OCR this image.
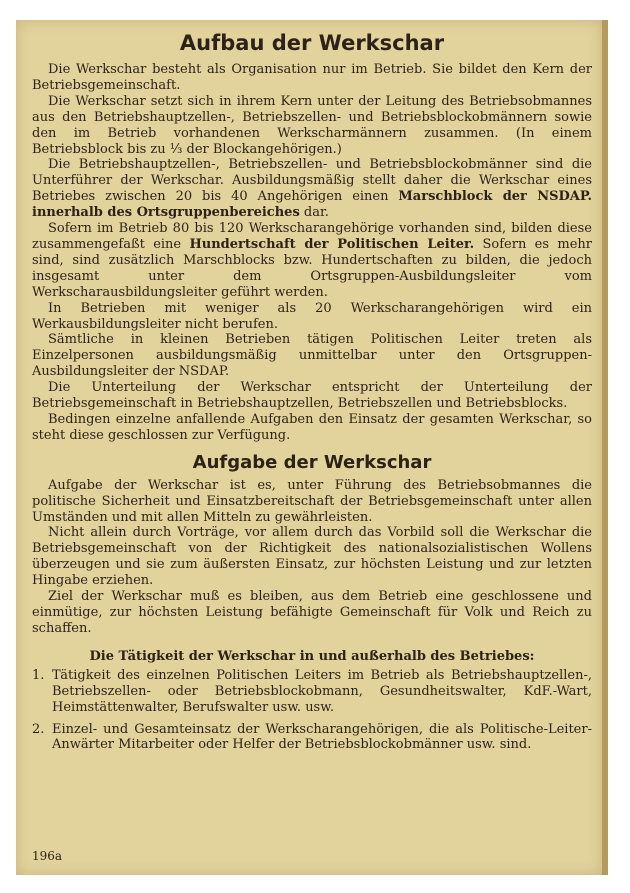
Aufbau der Werkschar

Die Werkschar besteht als Organisation nur im Betrieb. Sie bildet den Kern der Betriebsgemeinschaft.

Die Werkschar setzt sich in ihrem Kern unter der Leitung des Betriebsobmannes aus den Betriebshauptzellen-, Betriebszellen- und Betriebsblockobmännern sowie den im Betrieb vorhandenen Werkscharmännern zusammen. (In einem Betriebsblock bis zu ⅓ der Blockangehörigen.)

Die Betriebshauptzellen-, Betriebszellen- und Betriebsblockobmänner sind die Unterführer der Werkschar. Ausbildungsmäßig stellt daher die Werkschar eines Betriebes zwischen 20 bis 40 Angehörigen einen Marschblock der NSDAP. innerhalb des Ortsgruppenbereiches dar.

Sofern im Betrieb 80 bis 120 Werkscharangehörige vorhanden sind, bilden diese zusammengefaßt eine Hundertschaft der Politischen Leiter. Sofern es mehr sind, sind zusätzlich Marschblocks bzw. Hundertschaften zu bilden, die jedoch insgesamt unter dem Ortsgruppen-Ausbildungsleiter vom Werkscharausbildungsleiter geführt werden.

In Betrieben mit weniger als 20 Werkscharangehörigen wird ein Werkausbildungsleiter nicht berufen.

Sämtliche in kleinen Betrieben tätigen Politischen Leiter treten als Einzelpersonen ausbildungsmäßig unmittelbar unter den Ortsgruppen-Ausbildungsleiter der NSDAP.

Die Unterteilung der Werkschar entspricht der Unterteilung der Betriebsgemeinschaft in Betriebshauptzellen, Betriebszellen und Betriebsblocks.

Bedingen einzelne anfallende Aufgaben den Einsatz der gesamten Werkschar, so steht diese geschlossen zur Verfügung.

Aufgabe der Werkschar

Aufgabe der Werkschar ist es, unter Führung des Betriebsobmannes die politische Sicherheit und Einsatzbereitschaft der Betriebsgemeinschaft unter allen Umständen und mit allen Mitteln zu gewährleisten.

Nicht allein durch Vorträge, vor allem durch das Vorbild soll die Werkschar die Betriebsgemeinschaft von der Richtigkeit des nationalsozialistischen Wollens überzeugen und sie zum äußersten Einsatz, zur höchsten Leistung und zur letzten Hingabe erziehen.

Ziel der Werkschar muß es bleiben, aus dem Betrieb eine geschlossene und einmütige, zur höchsten Leistung befähigte Gemeinschaft für Volk und Reich zu schaffen.

Die Tätigkeit der Werkschar in und außerhalb des Betriebes:
1. Tätigkeit des einzelnen Politischen Leiters im Betrieb als Betriebshauptzellen-, Betriebszellen- oder Betriebsblockobmann, Gesundheitswalter, KdF.-Wart, Heimstättenwalter, Berufswalter usw. usw.
2. Einzel- und Gesamteinsatz der Werkscharangehörigen, die als Politische-Leiter-Anwärter Mitarbeiter oder Helfer der Betriebsblockobmänner usw. sind.
196a
